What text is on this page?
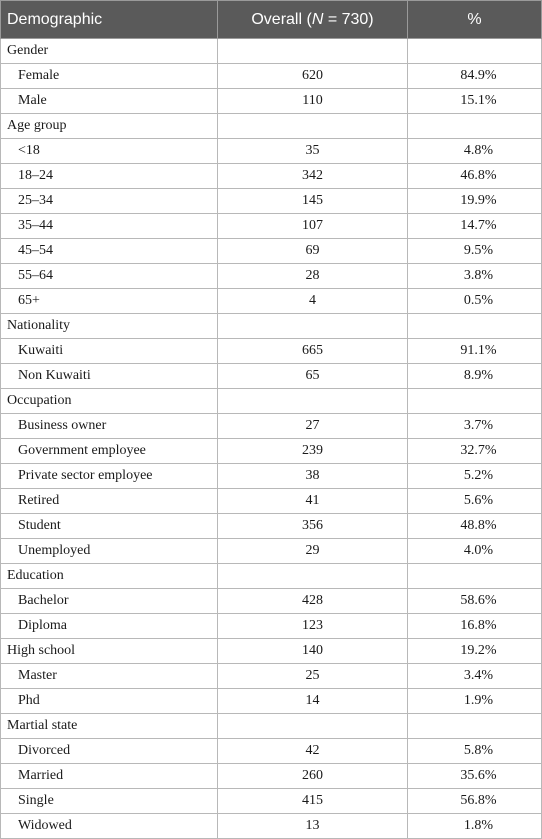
Demographic	Overall (N = 730)	%
Gender		
Female	620	84.9%
Male	110	15.1%
Age group		
<18	35	4.8%
18–24	342	46.8%
25–34	145	19.9%
35–44	107	14.7%
45–54	69	9.5%
55–64	28	3.8%
65+	4	0.5%
Nationality		
Kuwaiti	665	91.1%
Non Kuwaiti	65	8.9%
Occupation		
Business owner	27	3.7%
Government employee	239	32.7%
Private sector employee	38	5.2%
Retired	41	5.6%
Student	356	48.8%
Unemployed	29	4.0%
Education		
Bachelor	428	58.6%
Diploma	123	16.8%
High school	140	19.2%
Master	25	3.4%
Phd	14	1.9%
Martial state		
Divorced	42	5.8%
Married	260	35.6%
Single	415	56.8%
Widowed	13	1.8%
